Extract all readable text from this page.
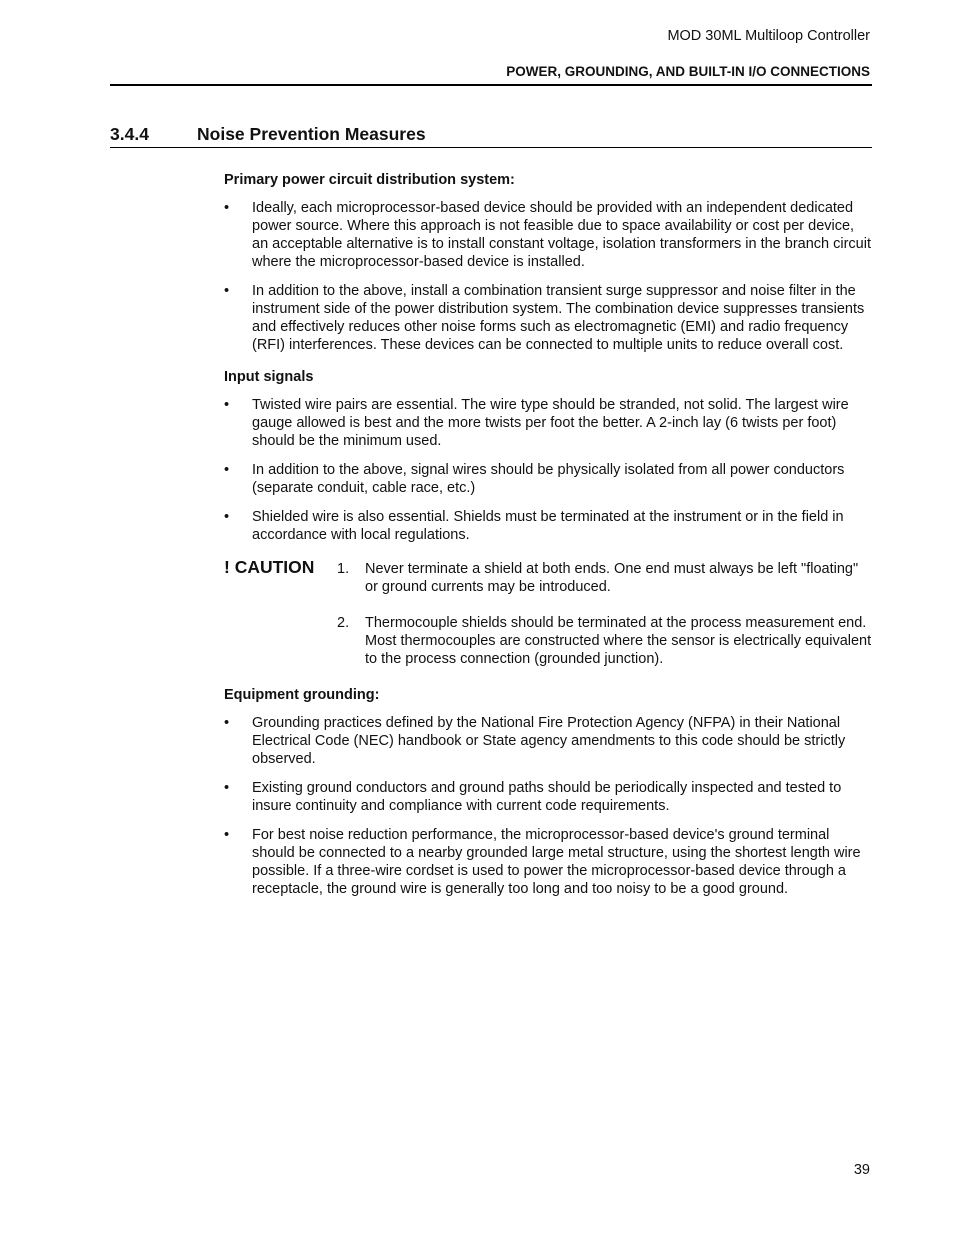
MOD 30ML Multiloop Controller
POWER, GROUNDING, AND BUILT-IN I/O CONNECTIONS
3.4.4	Noise Prevention Measures
Primary power circuit distribution system:
•	Ideally, each microprocessor-based device should be provided with an independent dedicated power source. Where this approach is not feasible due to space availability or cost per device, an acceptable alternative is to install constant voltage, isolation transformers in the branch circuit where the microprocessor-based device is installed.
•	In addition to the above, install a combination transient surge suppressor and noise filter in the instrument side of the power distribution system. The combination device suppresses transients and effectively reduces other noise forms such as electromagnetic (EMI) and radio frequency (RFI) interferences. These devices can be connected to multiple units to reduce overall cost.
Input signals
•	Twisted wire pairs are essential. The wire type should be stranded, not solid. The largest wire gauge allowed is best and the more twists per foot the better. A 2-inch lay (6 twists per foot) should be the minimum used.
•	In addition to the above, signal wires should be physically isolated from all power conductors (separate conduit, cable race, etc.)
•	Shielded wire is also essential. Shields must be terminated at the instrument or in the field in accordance with local regulations.
! CAUTION 1. Never terminate a shield at both ends. One end must always be left "floating" or ground currents may be introduced.
2. Thermocouple shields should be terminated at the process measurement end. Most thermocouples are constructed where the sensor is electrically equivalent to the process connection (grounded junction).
Equipment grounding:
•	Grounding practices defined by the National Fire Protection Agency (NFPA) in their National Electrical Code (NEC) handbook or State agency amendments to this code should be strictly observed.
•	Existing ground conductors and ground paths should be periodically inspected and tested to insure continuity and compliance with current code requirements.
•	For best noise reduction performance, the microprocessor-based device's ground terminal should be connected to a nearby grounded large metal structure, using the shortest length wire possible. If a three-wire cordset is used to power the microprocessor-based device through a receptacle, the ground wire is generally too long and too noisy to be a good ground.
39
